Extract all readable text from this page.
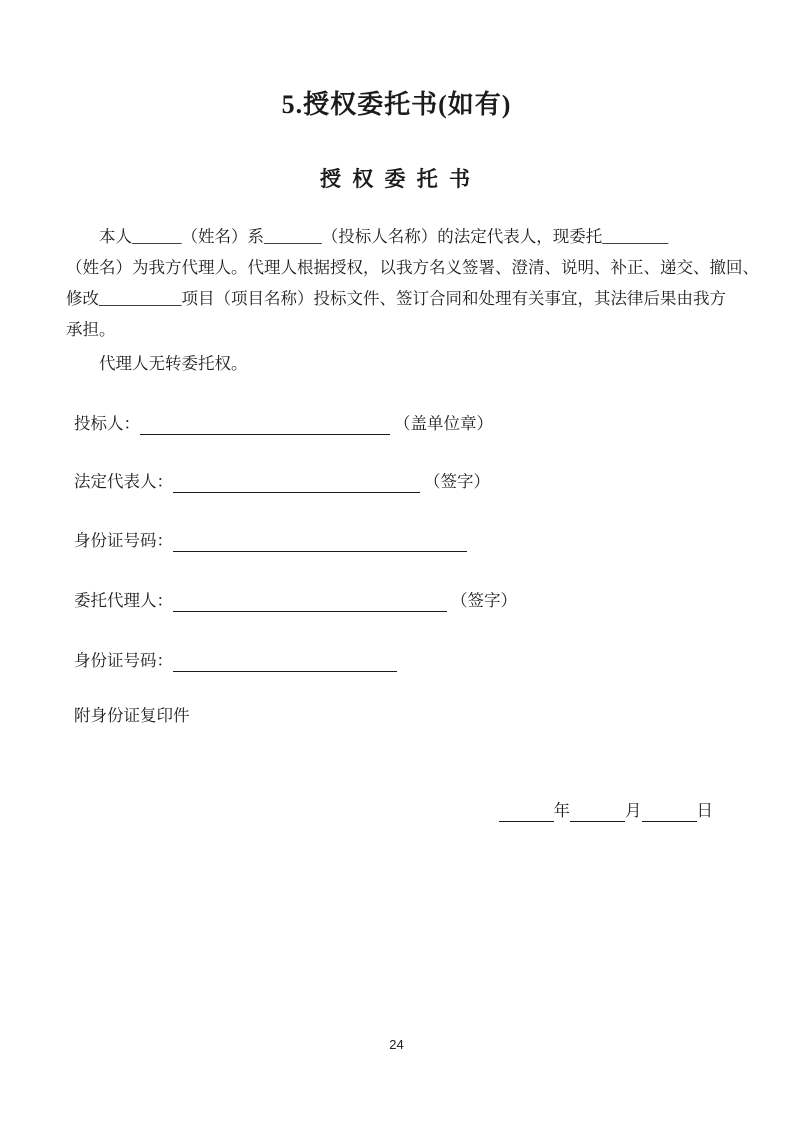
5.授权委托书(如有)
授 权 委 托 书
本人______（姓名）系_______（投标人名称）的法定代表人，现委托________
（姓名）为我方代理人。代理人根据授权，以我方名义签署、澄清、说明、补正、递交、撤回、
修改__________项目（项目名称）投标文件、签订合同和处理有关事宜，其法律后果由我方
承担。
代理人无转委托权。
投标人：	（盖单位章）
法定代表人：	（签字）
身份证号码：
委托代理人：	（签字）
身份证号码：
附身份证复印件
年	月	日
24
